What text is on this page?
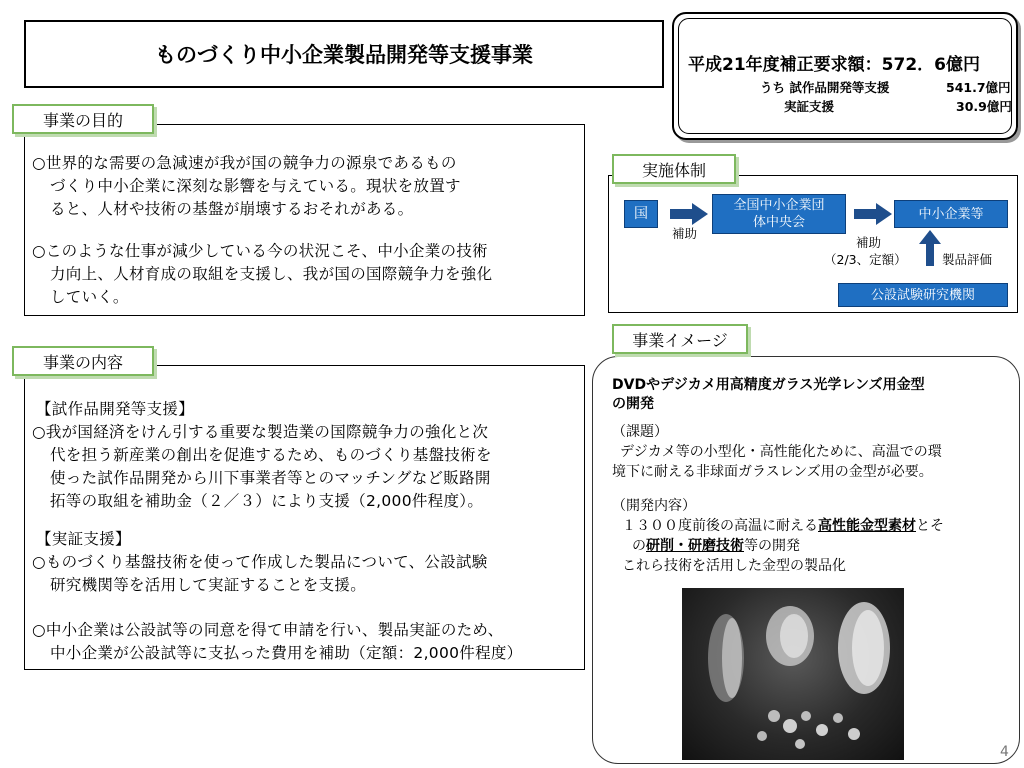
ものづくり中小企業製品開発等支援事業	平成21年度補正要求額：572．6億円
うち 試作品開発等支援	541.7億円
実証支援	30.9億円
事業の目的
○世界的な需要の急減速が我が国の競争力の源泉であるもの
づくり中小企業に深刻な影響を与えている。現状を放置す
ると、人材や技術の基盤が崩壊するおそれがある。
○このような仕事が減少している今の状況こそ、中小企業の技術
力向上、人材育成の取組を支援し、我が国の国際競争力を強化
していく。
事業の内容
【試作品開発等支援】
○我が国経済をけん引する重要な製造業の国際競争力の強化と次
代を担う新産業の創出を促進するため、ものづくり基盤技術を
使った試作品開発から川下事業者等とのマッチングなど販路開
拓等の取組を補助金（２／３）により支援（2,000件程度）。
【実証支援】
○ものづくり基盤技術を使って作成した製品について、公設試験
研究機関等を活用して実証することを支援。
○中小企業は公設試等の同意を得て申請を行い、製品実証のため、
中小企業が公設試等に支払った費用を補助（定額：2,000件程度）
実施体制
国	全国中小企業団
体中央会
中小企業等
公設試験研究機関
補助
補助
（2/3、定額）	製品評価
事業イメージ
DVDやデジカメ用高精度ガラス光学レンズ用金型
の開発
（課題）
デジカメ等の小型化・高性能化ために、高温での環
境下に耐える非球面ガラスレンズ用の金型が必要。
（開発内容）
１３００度前後の高温に耐える高性能金型素材とそ
の研削・研磨技術等の開発
これら技術を活用した金型の製品化
4
